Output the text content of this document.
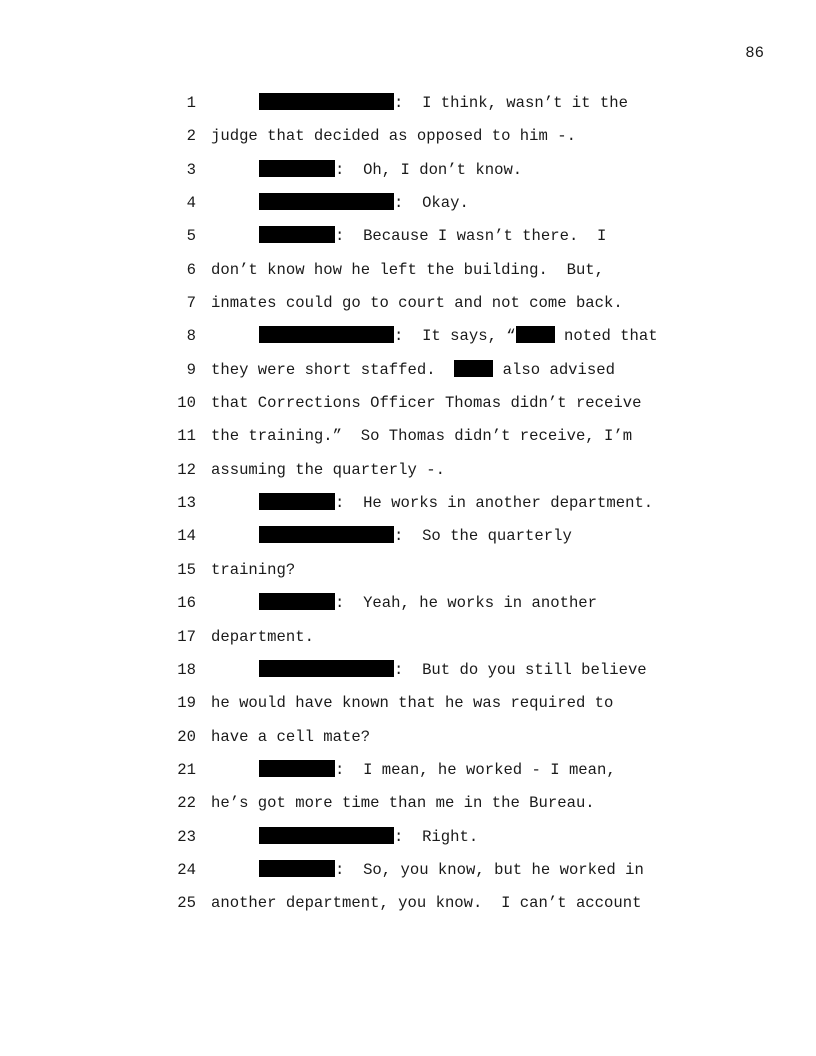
86
1	:  I think, wasn’t it the
2 judge that decided as opposed to him -.
3	:  Oh, I don’t know.
4	:  Okay.
5	:  Because I wasn’t there.  I
6 don’t know how he left the building.  But,
7 inmates could go to court and not come back.
8	:  It says, “	noted that
9 they were short staffed.	also advised
10 that Corrections Officer Thomas didn’t receive
11 the training.”  So Thomas didn’t receive, I’m
12 assuming the quarterly -.
13	:  He works in another department.
14	:  So the quarterly
15 training?
16	:  Yeah, he works in another
17 department.
18	:  But do you still believe
19 he would have known that he was required to
20 have a cell mate?
21	:  I mean, he worked - I mean,
22 he’s got more time than me in the Bureau.
23	:  Right.
24	:  So, you know, but he worked in
25 another department, you know.  I can’t account
